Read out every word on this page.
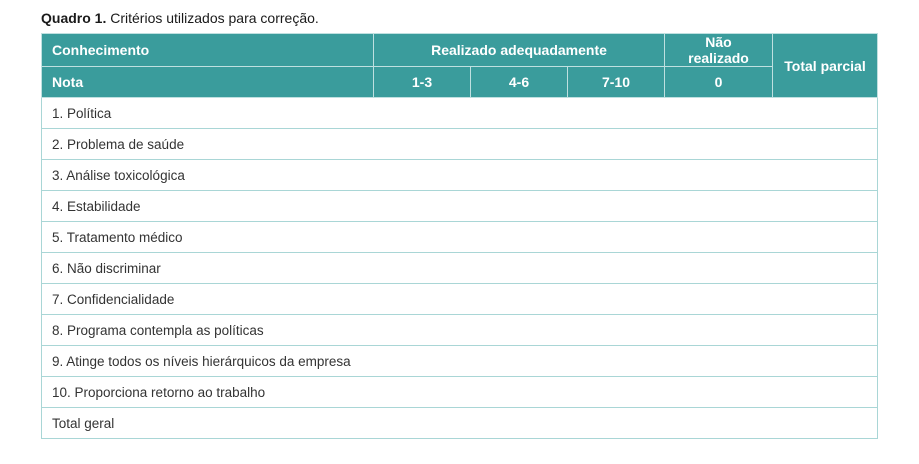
Quadro 1. Critérios utilizados para correção.
Conhecimento	Realizado adequadamente			Não realizado	Total parcial
Nota	1-3	4-6	7-10	0	
1. Política					
2. Problema de saúde					
3. Análise toxicológica					
4. Estabilidade					
5. Tratamento médico					
6. Não discriminar					
7. Confidencialidade					
8. Programa contempla as políticas					
9. Atinge todos os níveis hierárquicos da empresa					
10. Proporciona retorno ao trabalho					
Total geral					
